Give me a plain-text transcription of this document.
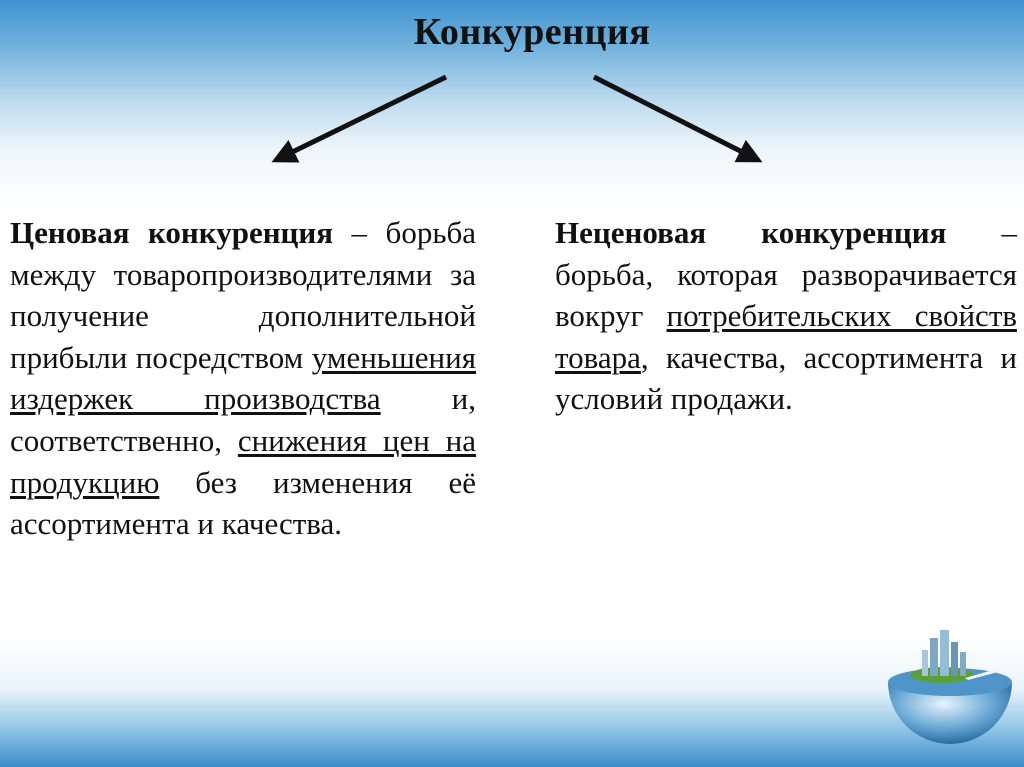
Конкуренция
Ценовая конкуренция – борьба между товаропроизводителями за получение дополнительной прибыли посредством уменьшения издержек производства и, соответственно, снижения цен на продукцию без изменения её ассортимента и качества.
Неценовая конкуренция – борьба, которая разворачивается вокруг потребительских свойств товара, качества, ассортимента и условий продажи.
